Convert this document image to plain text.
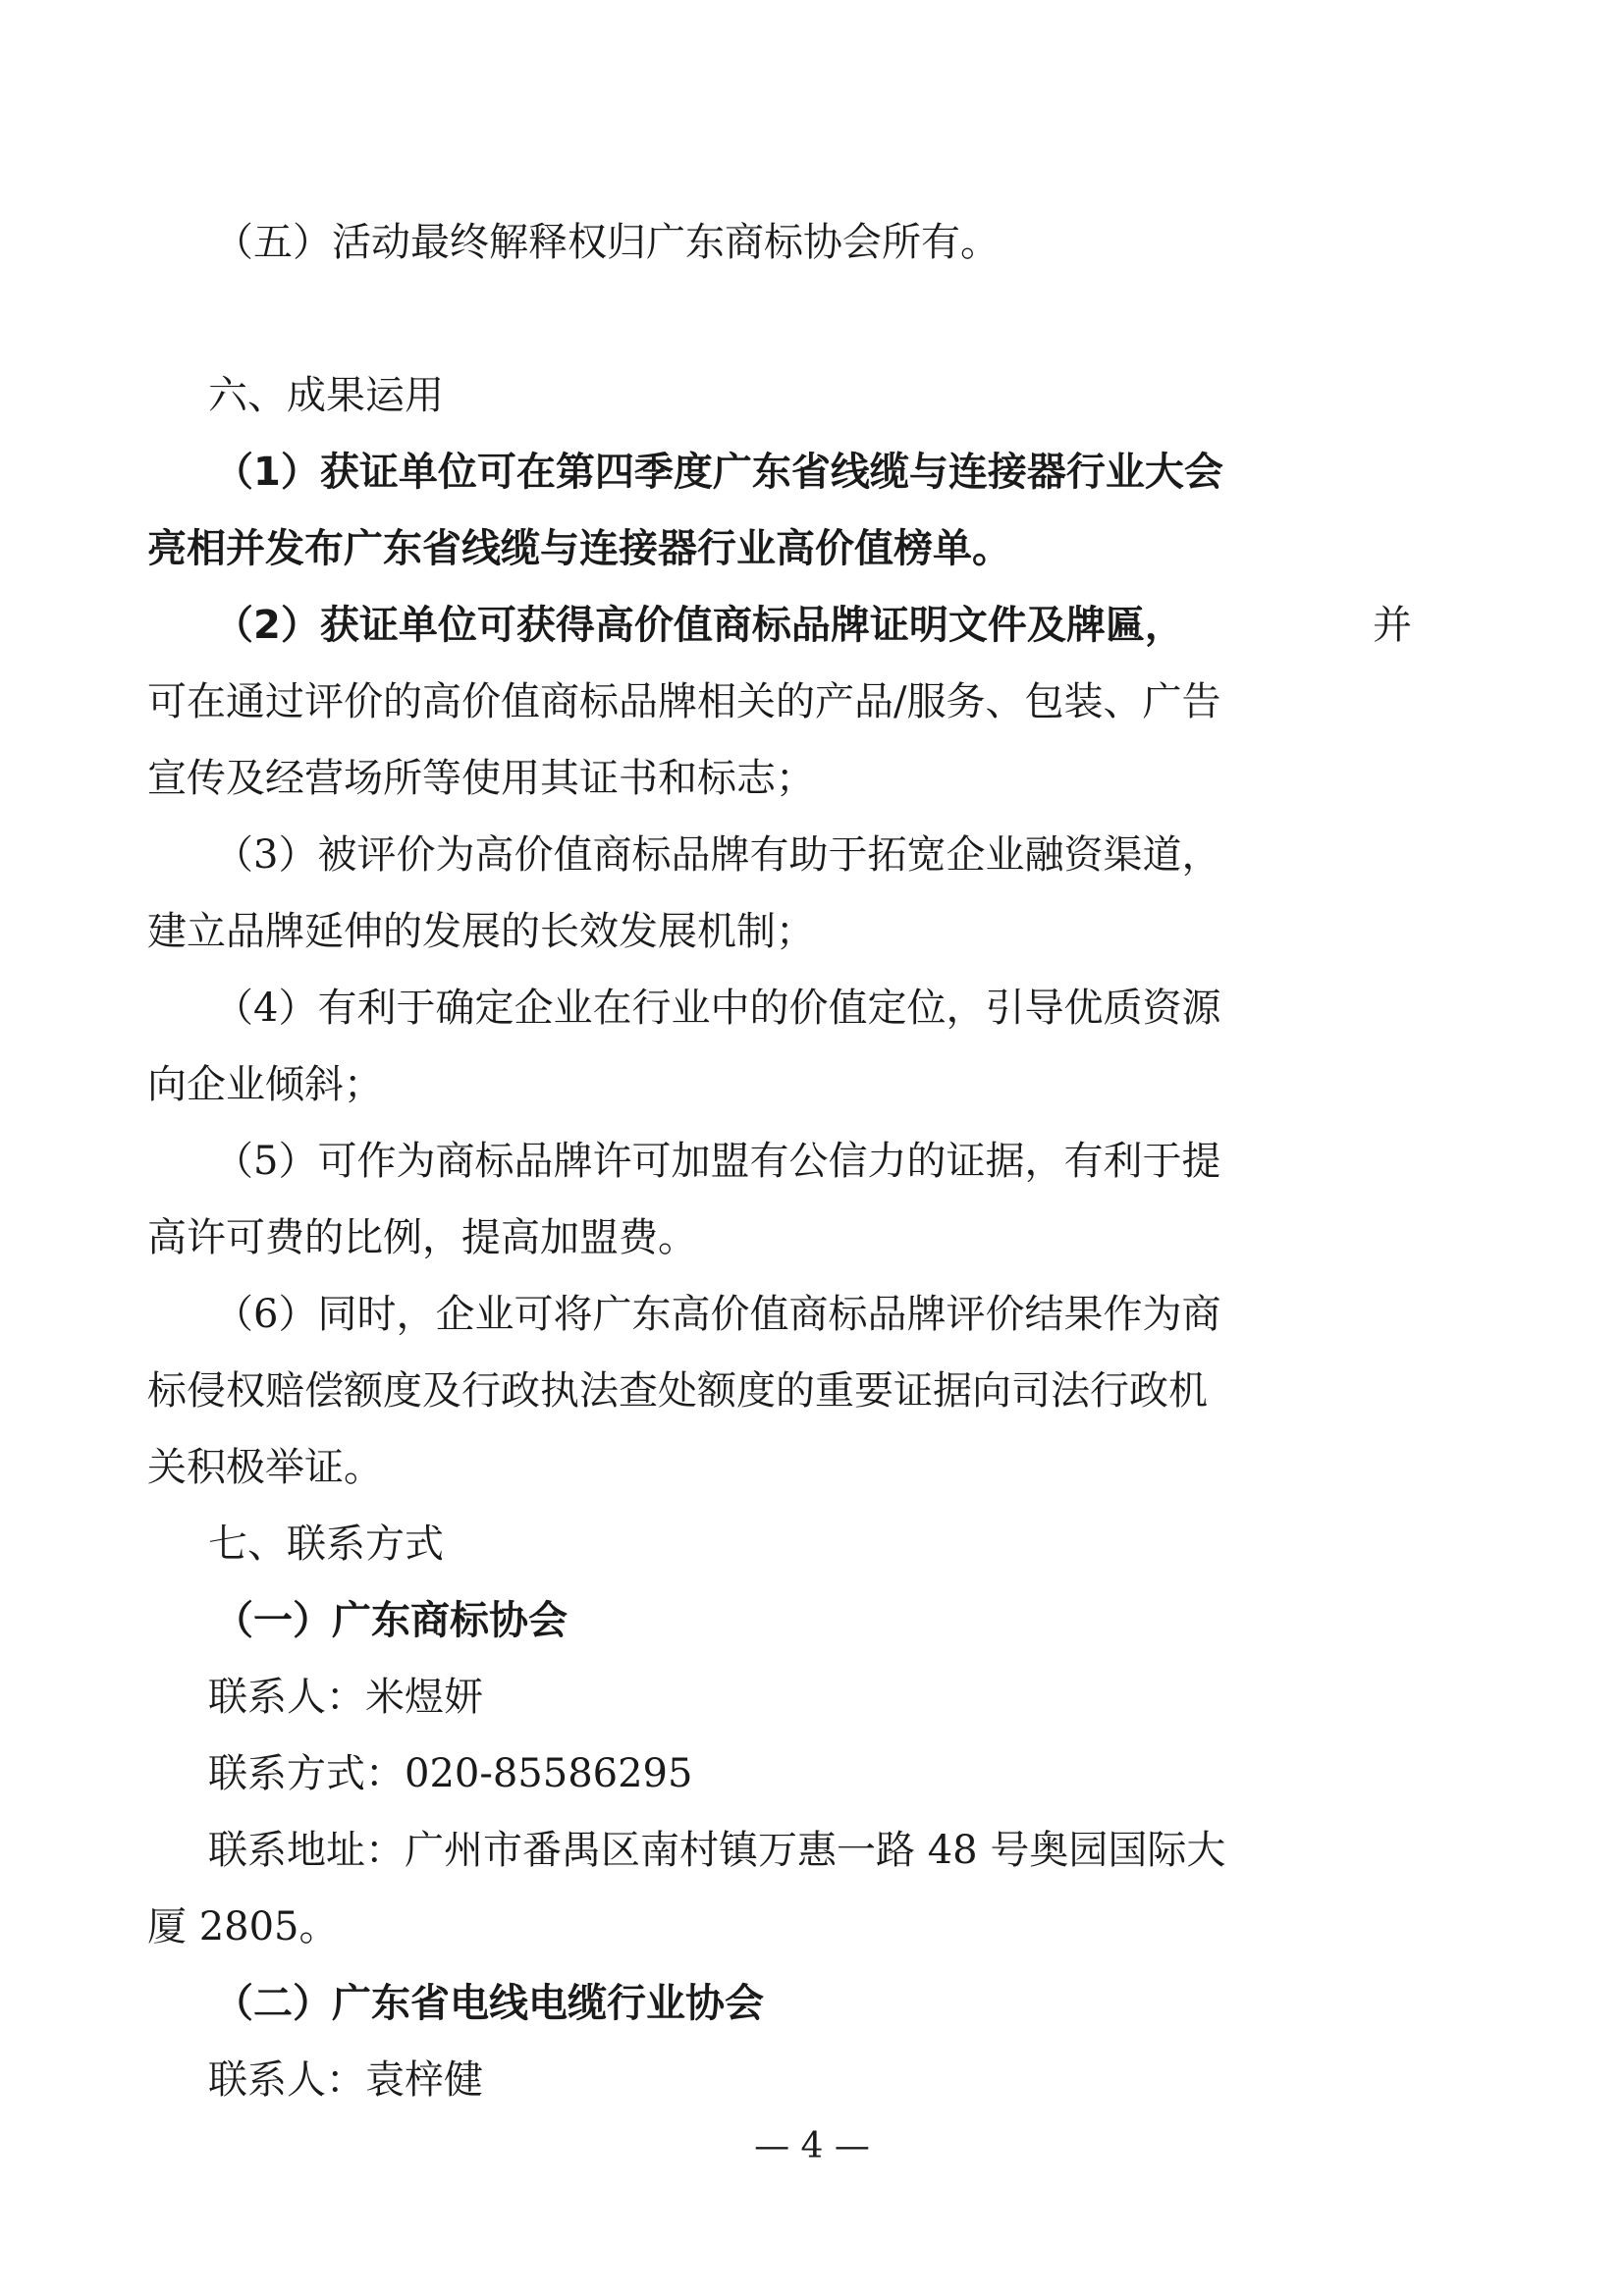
（五）活动最终解释权归广东商标协会所有。
六、成果运用
（1）获证单位可在第四季度广东省线缆与连接器行业大会
亮相并发布广东省线缆与连接器行业高价值榜单。
（2）获证单位可获得高价值商标品牌证明文件及牌匾，	并
可在通过评价的高价值商标品牌相关的产品/服务、包装、广告
宣传及经营场所等使用其证书和标志；
（3）被评价为高价值商标品牌有助于拓宽企业融资渠道，
建立品牌延伸的发展的长效发展机制；
（4）有利于确定企业在行业中的价值定位，引导优质资源
向企业倾斜；
（5）可作为商标品牌许可加盟有公信力的证据，有利于提
高许可费的比例，提高加盟费。
（6）同时，企业可将广东高价值商标品牌评价结果作为商
标侵权赔偿额度及行政执法查处额度的重要证据向司法行政机
关积极举证。
七、联系方式
（一）广东商标协会
联系人：米煜妍
联系方式：020-85586295
联系地址：广州市番禺区南村镇万惠一路 48 号奥园国际大
厦 2805。
（二）广东省电线电缆行业协会
联系人：袁梓健
— 4 —
